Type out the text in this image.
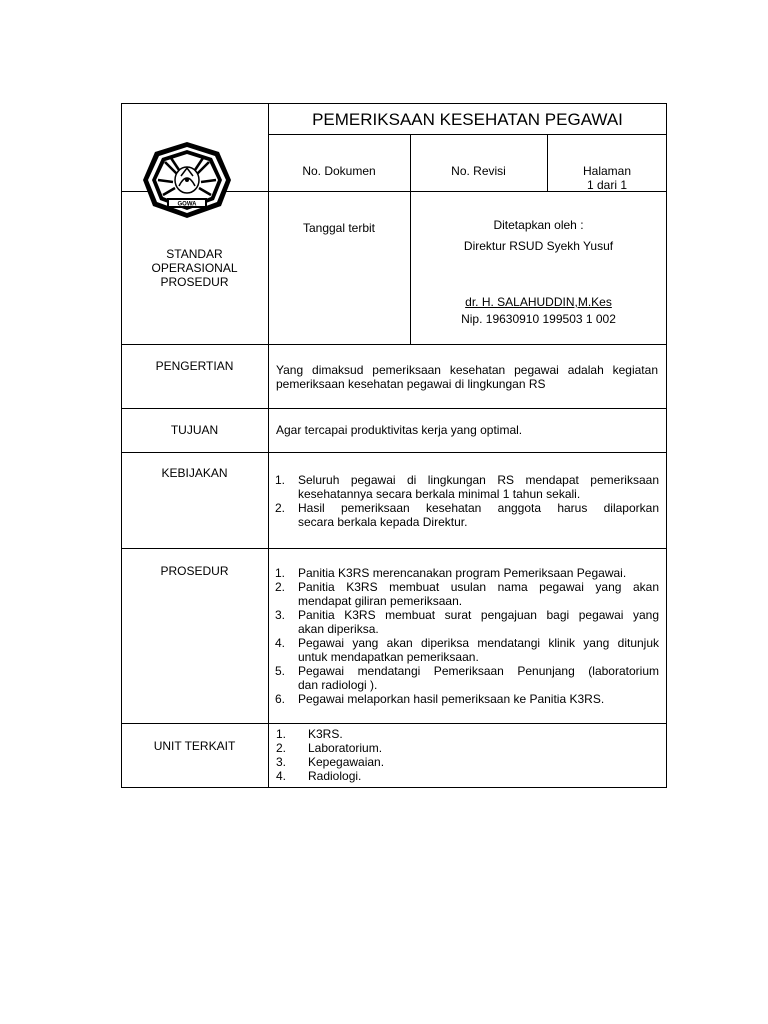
GOWA
PEMERIKSAAN KESEHATAN PEGAWAI
No. Dokumen	No. Revisi	Halaman
1 dari 1
Tanggal terbit	Ditetapkan oleh :
Direktur RSUD Syekh Yusuf
dr. H. SALAHUDDIN,M.Kes
Nip. 19630910 199503 1 002
STANDAR
OPERASIONAL
PROSEDUR
PENGERTIAN	Yang dimaksud pemeriksaan kesehatan pegawai adalah kegiatan
pemeriksaan kesehatan pegawai di lingkungan RS
TUJUAN	Agar tercapai produktivitas kerja yang optimal.
KEBIJAKAN	1. Seluruh pegawai di lingkungan RS mendapat pemeriksaan
kesehatannya secara berkala minimal 1 tahun sekali.
2. Hasil pemeriksaan kesehatan anggota harus dilaporkan
secara berkala kepada Direktur.
PROSEDUR	1. Panitia K3RS merencanakan program Pemeriksaan Pegawai.
2. Panitia K3RS membuat usulan nama pegawai yang akan
mendapat giliran pemeriksaan.
3. Panitia K3RS membuat surat pengajuan bagi pegawai yang
akan diperiksa.
4. Pegawai yang akan diperiksa mendatangi klinik yang ditunjuk
untuk mendapatkan pemeriksaan.
5. Pegawai mendatangi Pemeriksaan Penunjang (laboratorium
dan radiologi ).
6. Pegawai melaporkan hasil pemeriksaan ke Panitia K3RS.
UNIT TERKAIT
1. K3RS.
2. Laboratorium.
3. Kepegawaian.
4. Radiologi.
